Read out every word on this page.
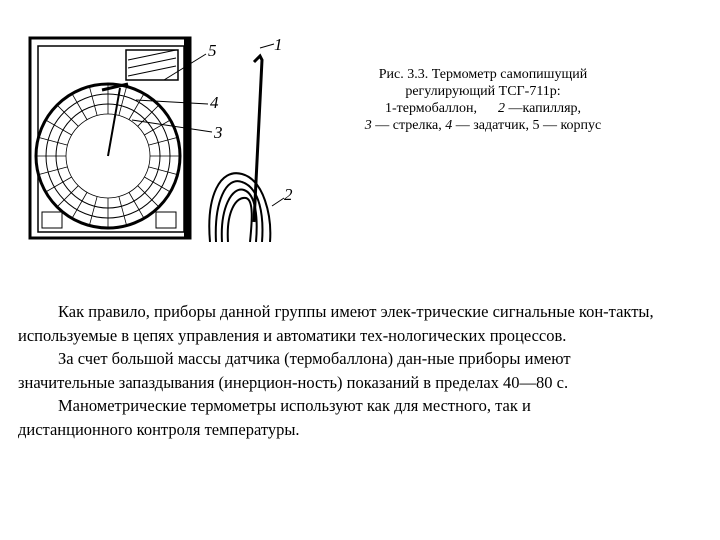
5	1
4
3
2
Рис. 3.3. Термометр самопишущий
регулирующий ТСГ-711р:
1-термобаллон, 2 —капилляр,
3 — стрелка, 4 — задатчик, 5 — корпус

Как правило, приборы данной группы имеют элек-трические сигнальные кон-такты,
используемые в цепях управления и автоматики тех-нологических процессов.

За счет большой массы датчика (термобаллона) дан-ные приборы имеют
значительные запаздывания (инерцион-ность) показаний в пределах 40—80 с.

Манометрические термометры используют как для местного, так и
дистанционного контроля температуры.
